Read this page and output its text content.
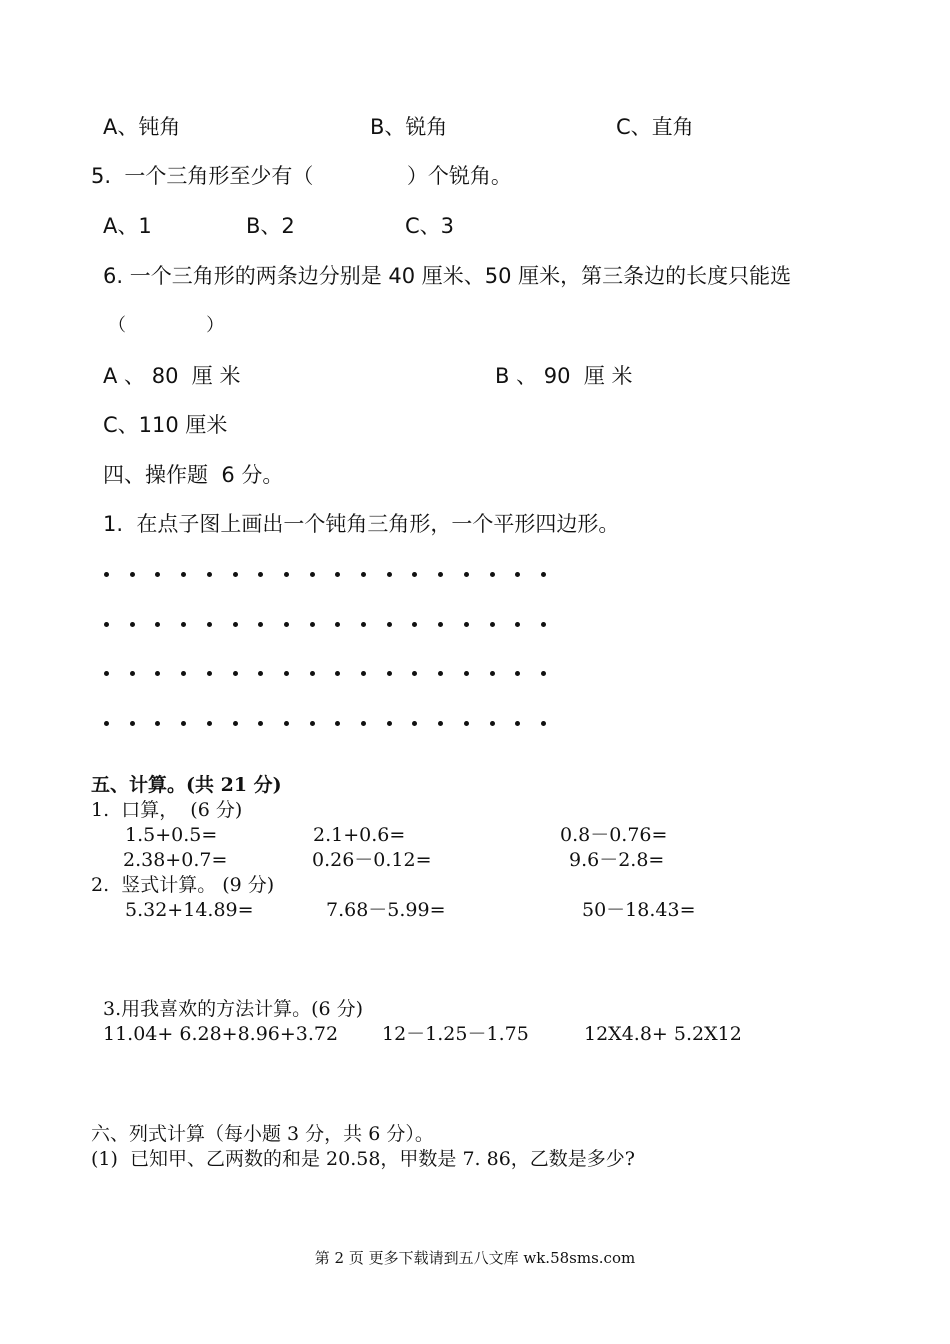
A、钝角	B、锐角	C、直角
5.  一个三角形至少有（              ）个锐角。
A、1	B、2	C、3
6. 一个三角形的两条边分别是 40 厘米、50 厘米，第三条边的长度只能选
（              ）
A 、 80  厘 米	B 、 90  厘 米
C、110 厘米
四、操作题  6 分。
1.  在点子图上画出一个钝角三角形，一个平形四边形。
五、计算。(共 21 分)
1.  口算，  (6 分)
1.5+0.5=	2.1+0.6=	0.8－0.76=
2.38+0.7=	0.26－0.12=	9.6－2.8=
2.  竖式计算。 (9 分)
5.32+14.89=	7.68－5.99=	50－18.43=
3.用我喜欢的方法计算。(6 分)
11.04+ 6.28+8.96+3.72 12－1.25－1.75	12X4.8+ 5.2X12
六、列式计算（每小题 3 分，共 6 分）。
(1)  已知甲、乙两数的和是 20.58，甲数是 7. 86，乙数是多少?
第 2 页 更多下载请到五八文库 wk.58sms.com
